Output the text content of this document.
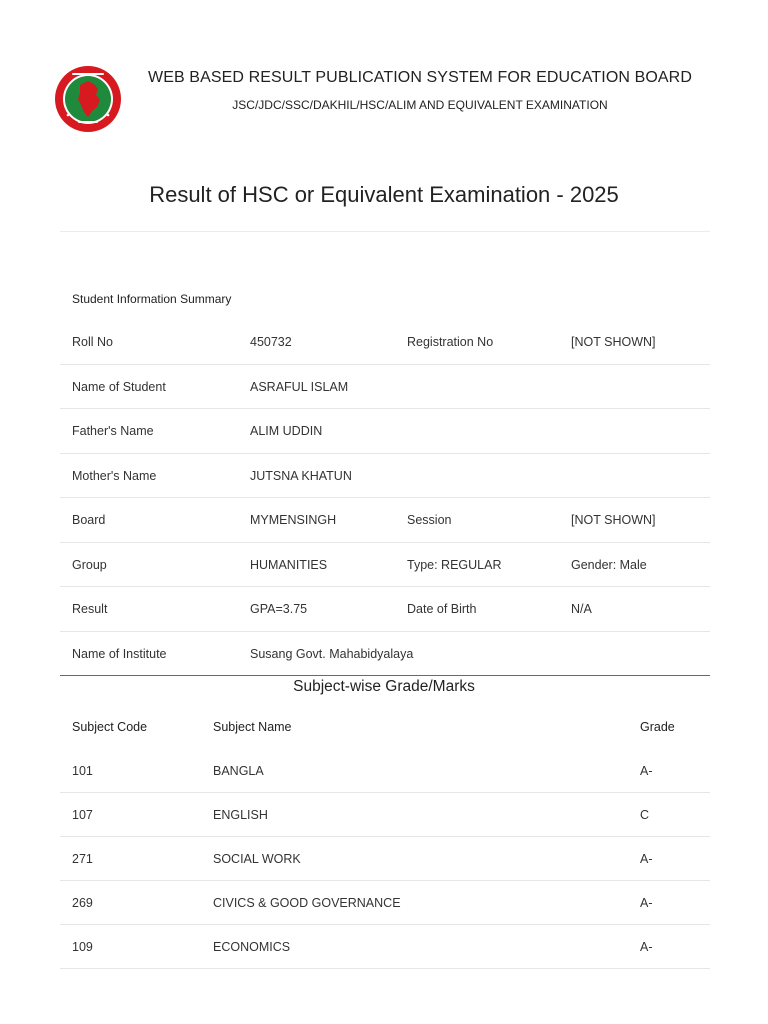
WEB BASED RESULT PUBLICATION SYSTEM FOR EDUCATION BOARD
JSC/JDC/SSC/DAKHIL/HSC/ALIM AND EQUIVALENT EXAMINATION
Result of HSC or Equivalent Examination - 2025
Student Information Summary
Roll No	450732	Registration No	[NOT SHOWN]
Name of Student	ASRAFUL ISLAM
Father's Name	ALIM UDDIN
Mother's Name	JUTSNA KHATUN
Board	MYMENSINGH	Session	[NOT SHOWN]
Group	HUMANITIES	Type: REGULAR	Gender: Male
Result	GPA=3.75	Date of Birth	N/A
Name of Institute	Susang Govt. Mahabidyalaya
Subject-wise Grade/Marks
Subject Code	Subject Name	Grade
101	BANGLA	A-
107	ENGLISH	C
271	SOCIAL WORK	A-
269	CIVICS & GOOD GOVERNANCE	A-
109	ECONOMICS	A-
